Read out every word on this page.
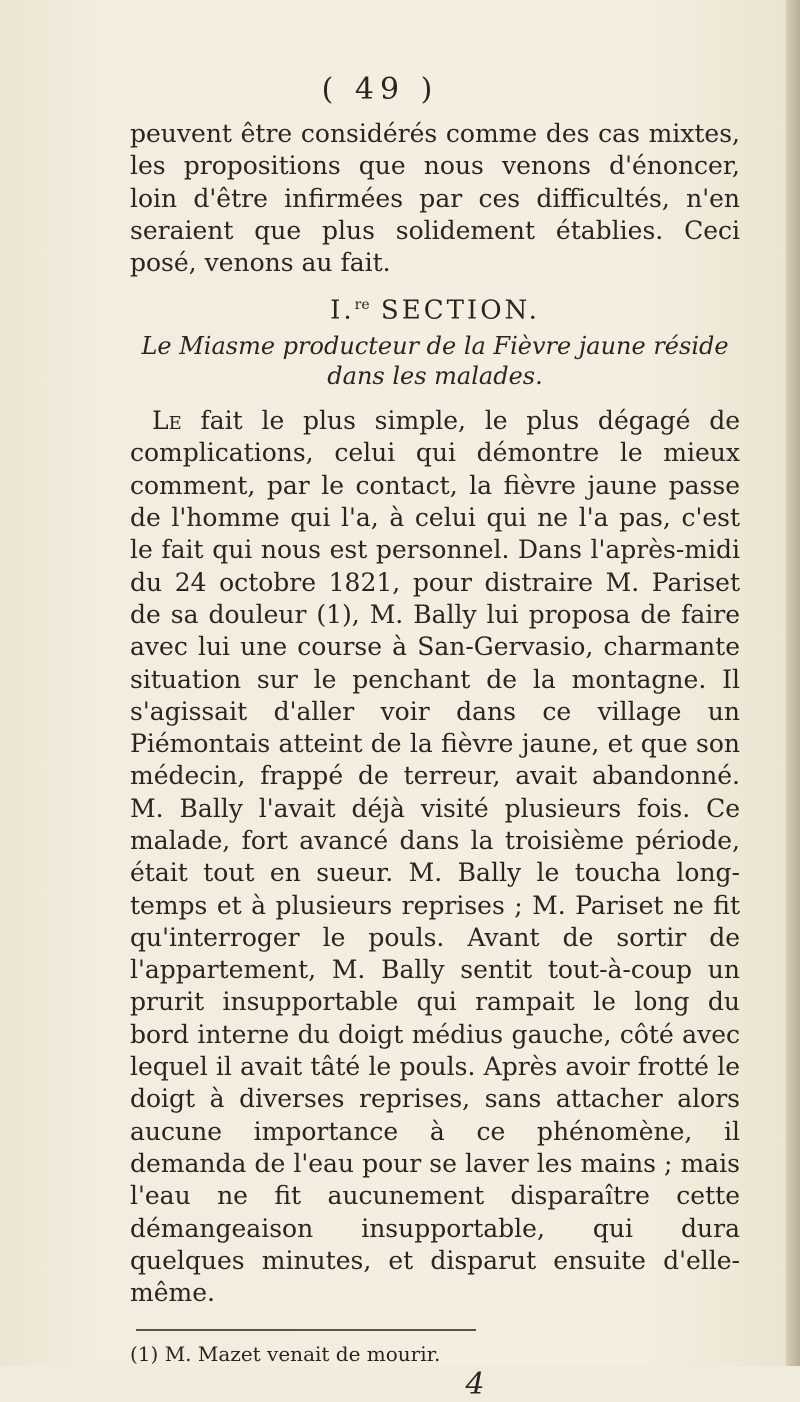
( 49 )

peuvent être considérés comme des cas mixtes, les propositions que nous venons d'énoncer, loin d'être infirmées par ces difficultés, n'en seraient que plus solidement établies. Ceci posé, venons au fait.

I.$^{re}$ SECTION.

Le Miasme producteur de la Fièvre jaune réside dans les malades.

Le fait le plus simple, le plus dégagé de complications, celui qui démontre le mieux comment, par le contact, la fièvre jaune passe de l'homme qui l'a, à celui qui ne l'a pas, c'est le fait qui nous est personnel. Dans l'après-midi du 24 octobre 1821, pour distraire M. Pariset de sa douleur (1), M. Bally lui proposa de faire avec lui une course à San-Gervasio, charmante situation sur le penchant de la montagne. Il s'agissait d'aller voir dans ce village un Piémontais atteint de la fièvre jaune, et que son médecin, frappé de terreur, avait abandonné. M. Bally l'avait déjà visité plusieurs fois. Ce malade, fort avancé dans la troisième période, était tout en sueur. M. Bally le toucha long-temps et à plusieurs reprises ; M. Pariset ne fit qu'interroger le pouls. Avant de sortir de l'appartement, M. Bally sentit tout-à-coup un prurit insupportable qui rampait le long du bord interne du doigt médius gauche, côté avec lequel il avait tâté le pouls. Après avoir frotté le doigt à diverses reprises, sans attacher alors aucune importance à ce phénomène, il demanda de l'eau pour se laver les mains ; mais l'eau ne fit aucunement disparaître cette démangeaison insupportable, qui dura quelques minutes, et disparut ensuite d'elle-même.

(1) M. Mazet venait de mourir.

4
